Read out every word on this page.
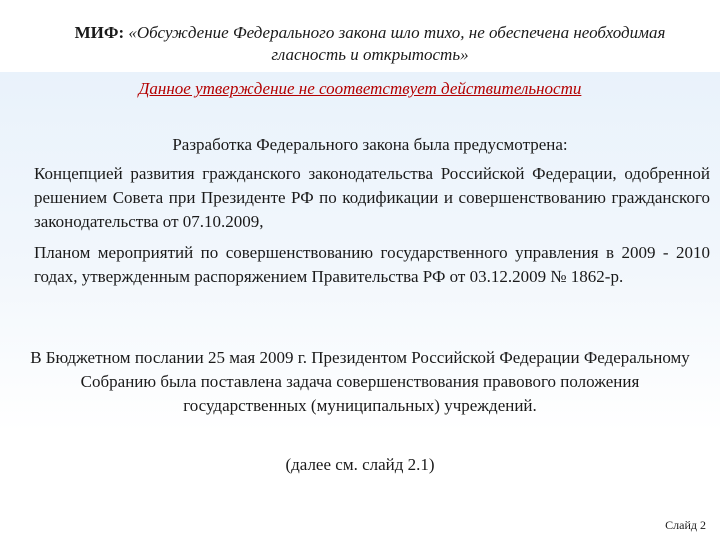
МИФ: «Обсуждение Федерального закона шло тихо, не обеспечена необходимая гласность и открытость»
Данное утверждение не соответствует действительности
Разработка Федерального закона была предусмотрена:
Концепцией развития гражданского законодательства Российской Федерации, одобренной решением Совета при Президенте РФ по кодификации и совершенствованию гражданского законодательства от 07.10.2009,
Планом мероприятий по совершенствованию государственного управления в 2009 - 2010 годах, утвержденным распоряжением Правительства РФ от 03.12.2009 № 1862-р.
В Бюджетном послании 25 мая 2009 г. Президентом Российской Федерации Федеральному Собранию была поставлена задача совершенствования правового положения государственных (муниципальных) учреждений.
(далее см. слайд 2.1)
Слайд 2
